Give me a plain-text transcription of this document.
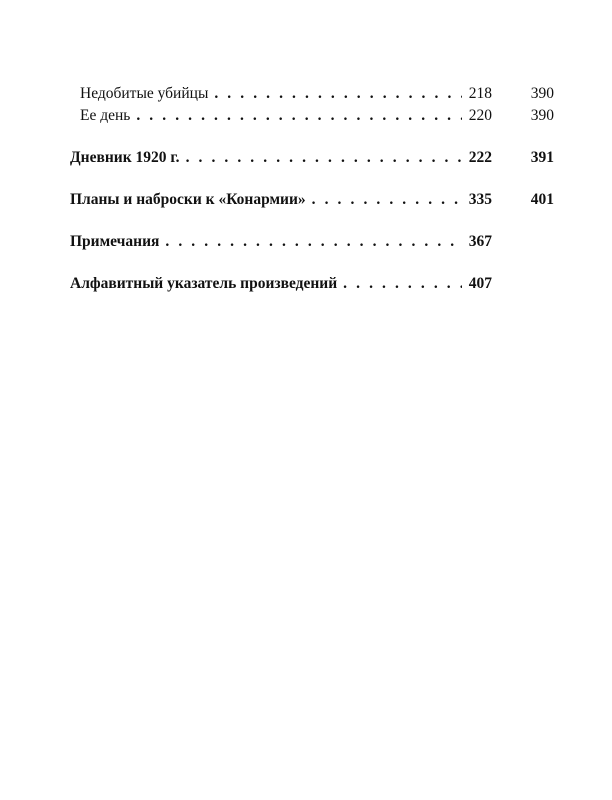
Недобитые убийцы . . .	218	390
Ее день . . .	220	390
Дневник 1920 г. . . .	222	391
Планы и наброски к «Конармии» . . .	335	401
Примечания . . .	367
Алфавитный указатель произведений . . .	407
